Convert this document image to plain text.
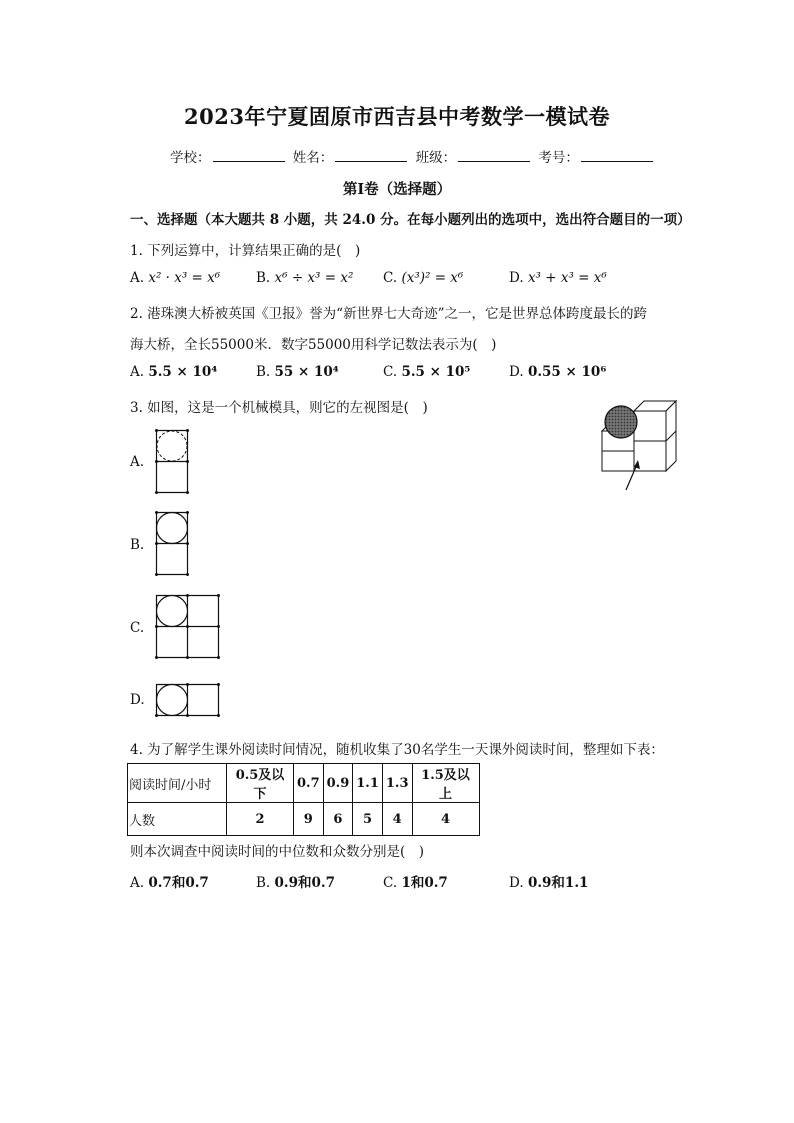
2023年宁夏固原市西吉县中考数学一模试卷
学校：	姓名：	班级：	考号：
第Ⅰ卷（选择题）
一、选择题（本大题共 8 小题，共 24.0 分。在每小题列出的选项中，选出符合题目的一项）
1. 下列运算中，计算结果正确的是(　)
A. x² · x³ = x⁶	B. x⁶ ÷ x³ = x² C. (x³)² = x⁶	D. x³ + x³ = x⁶
2. 港珠澳大桥被英国《卫报》誉为“新世界七大奇迹”之一，它是世界总体跨度最长的跨
海大桥，全长55000米．数字55000用科学记数法表示为(　)
A. 5.5 × 10⁴	B. 55 × 10⁴	C. 5.5 × 10⁵	D. 0.55 × 10⁶
3. 如图，这是一个机械模具，则它的左视图是(　)
A.
B.
C.
D.
4. 为了解学生课外阅读时间情况，随机收集了30名学生一天课外阅读时间，整理如下表：
阅读时间/小时	0.5及以下	0.7	0.9	1.1	1.3	1.5及以上
人数	2	9	6	5	4	4
则本次调查中阅读时间的中位数和众数分别是(　)
A. 0.7和0.7	B. 0.9和0.7	C. 1和0.7	D. 0.9和1.1
